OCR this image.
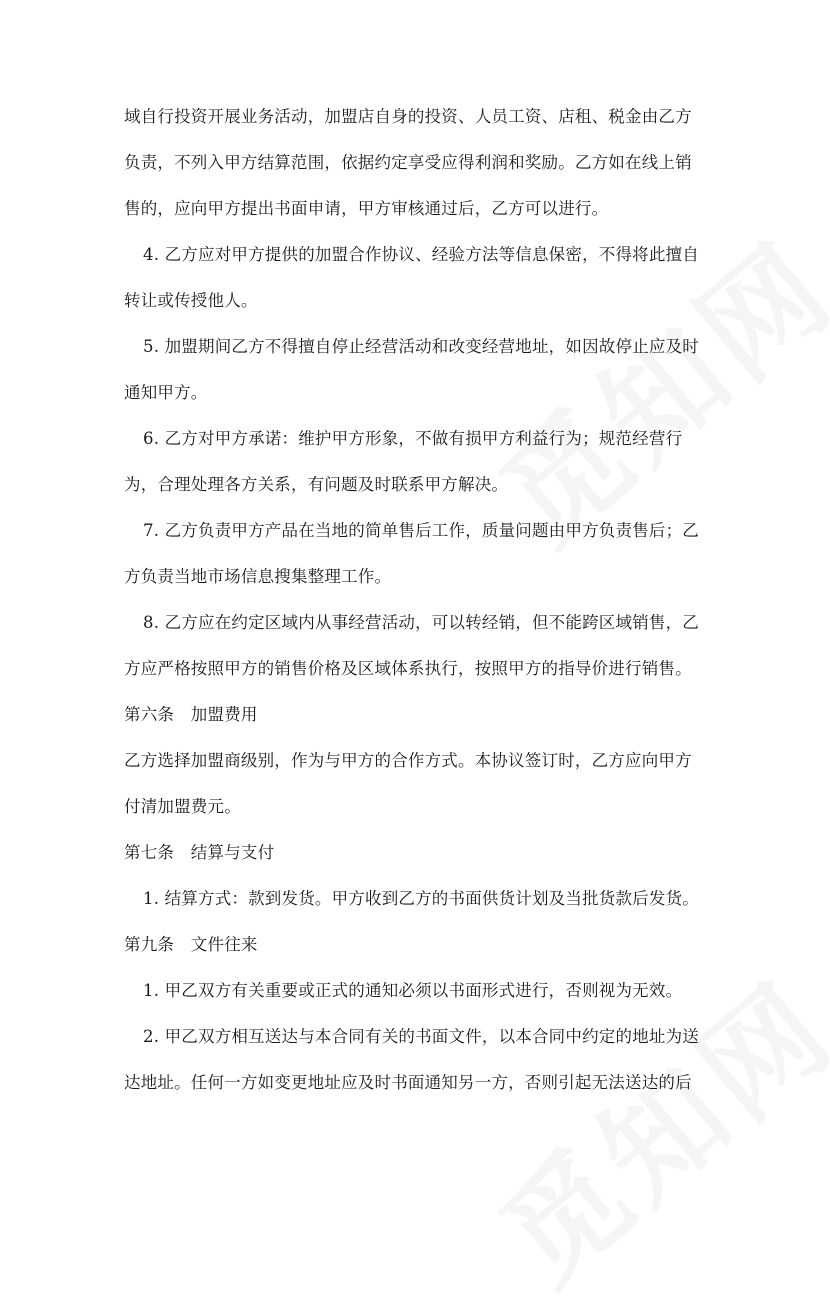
域自行投资开展业务活动，加盟店自身的投资、人员工资、店租、税金由乙方

负责，不列入甲方结算范围，依据约定享受应得利润和奖励。乙方如在线上销

售的，应向甲方提出书面申请，甲方审核通过后，乙方可以进行。

4. 乙方应对甲方提供的加盟合作协议、经验方法等信息保密，不得将此擅自

转让或传授他人。

5. 加盟期间乙方不得擅自停止经营活动和改变经营地址，如因故停止应及时

通知甲方。

6. 乙方对甲方承诺：维护甲方形象，不做有损甲方利益行为；规范经营行

为，合理处理各方关系，有问题及时联系甲方解决。

7. 乙方负责甲方产品在当地的简单售后工作，质量问题由甲方负责售后；乙

方负责当地市场信息搜集整理工作。

8. 乙方应在约定区域内从事经营活动，可以转经销，但不能跨区域销售，乙

方应严格按照甲方的销售价格及区域体系执行，按照甲方的指导价进行销售。

第六条　加盟费用

乙方选择加盟商级别，作为与甲方的合作方式。本协议签订时，乙方应向甲方

付清加盟费元。

第七条　结算与支付

1. 结算方式：款到发货。甲方收到乙方的书面供货计划及当批货款后发货。

第九条　文件往来

1. 甲乙双方有关重要或正式的通知必须以书面形式进行，否则视为无效。

2. 甲乙双方相互送达与本合同有关的书面文件，以本合同中约定的地址为送

达地址。任何一方如变更地址应及时书面通知另一方，否则引起无法送达的后
